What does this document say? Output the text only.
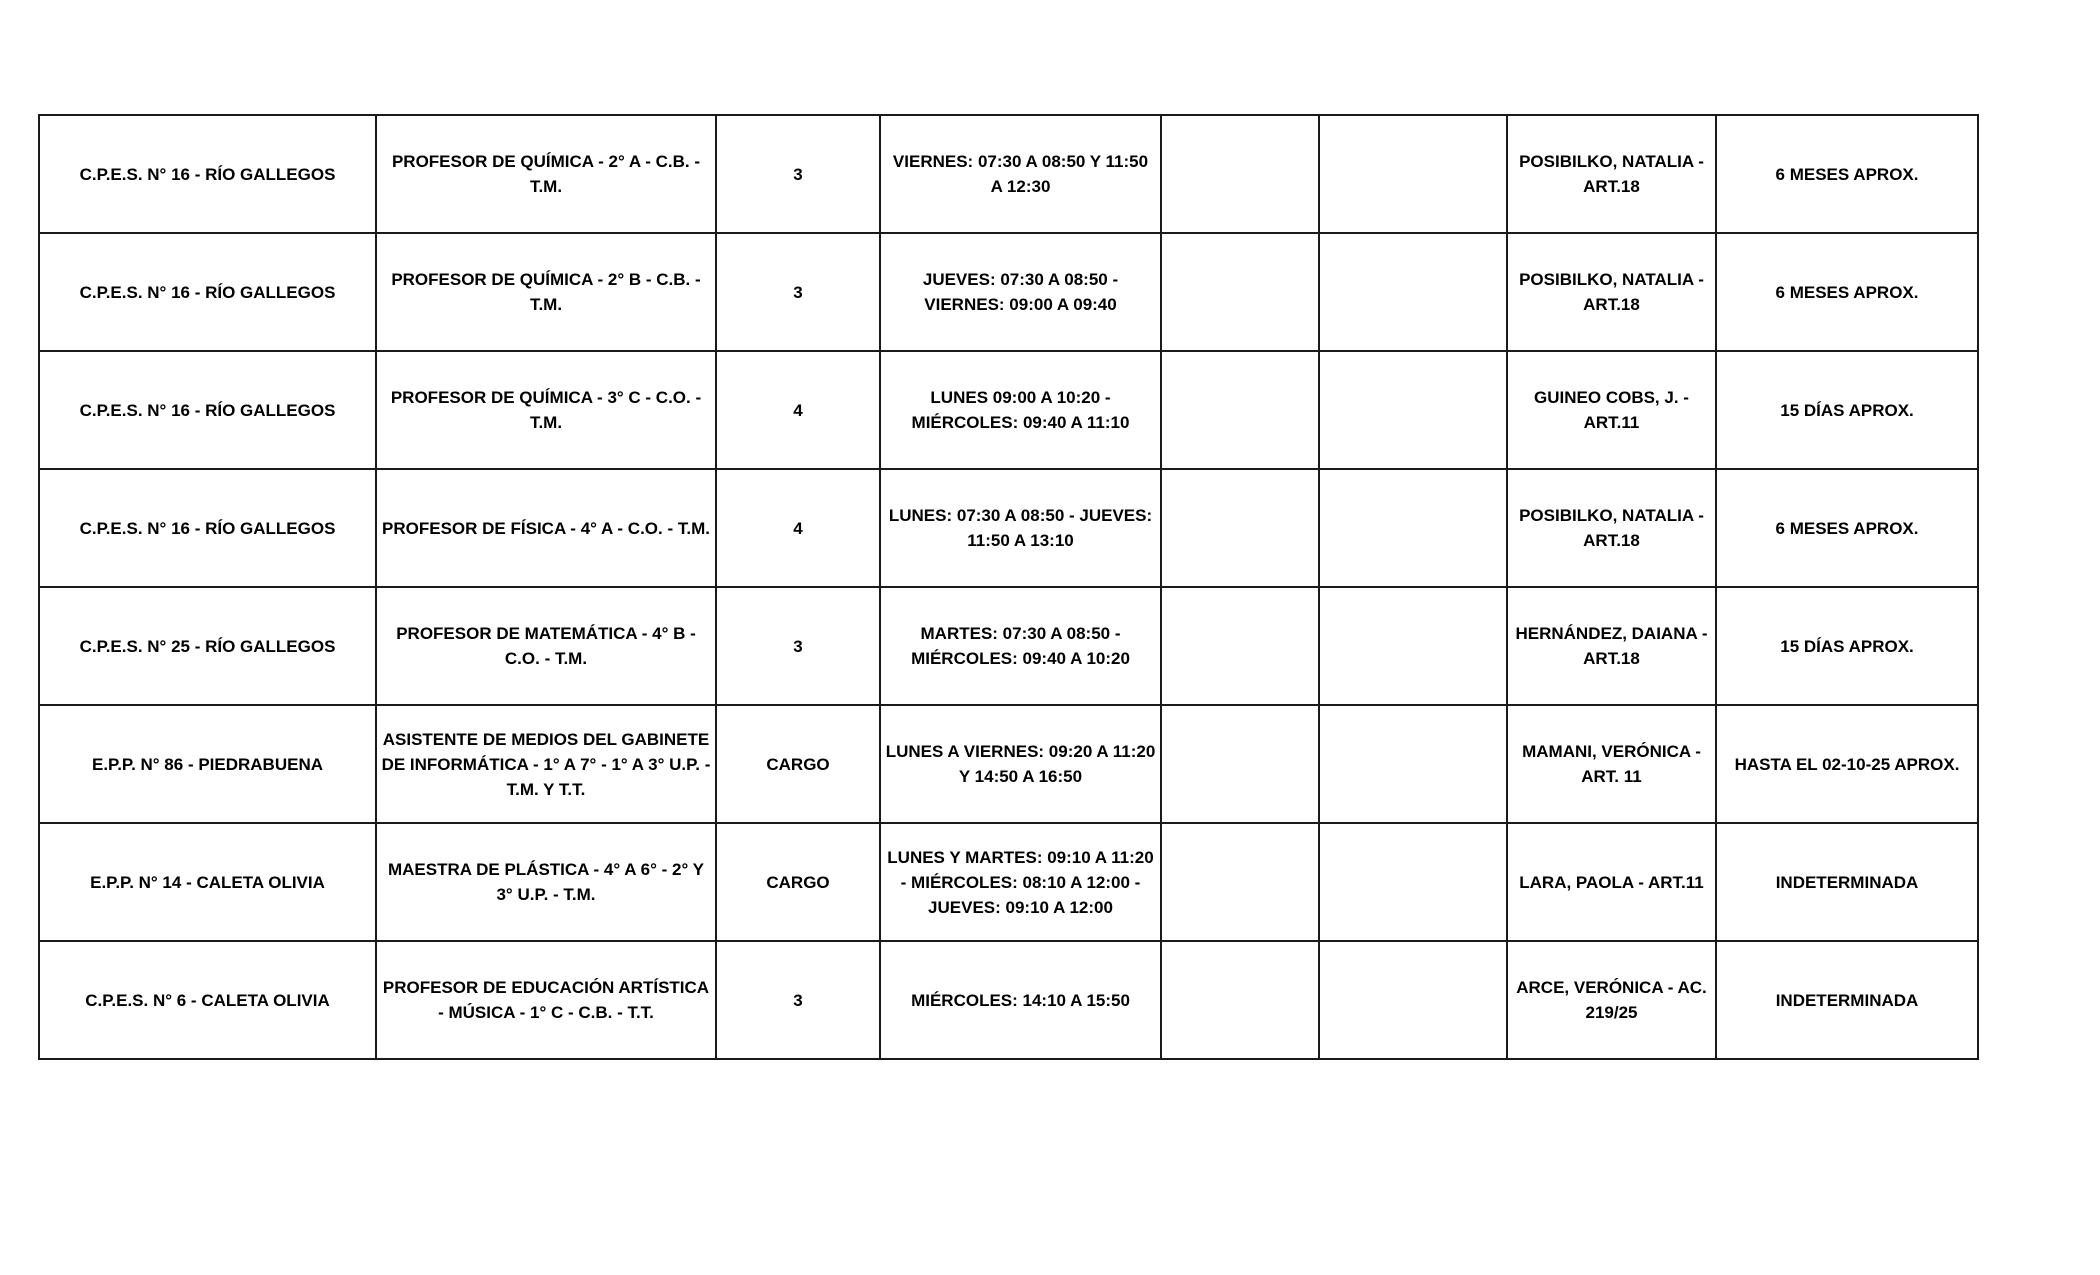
C.P.E.S. N° 16 - RÍO GALLEGOS	PROFESOR DE QUÍMICA - 2° A - C.B. - T.M.	3	VIERNES: 07:30 A 08:50 Y 11:50 A 12:30			POSIBILKO, NATALIA - ART.18	6 MESES APROX.
C.P.E.S. N° 16 - RÍO GALLEGOS	PROFESOR DE QUÍMICA - 2° B - C.B. - T.M.	3	JUEVES: 07:30 A 08:50 - VIERNES: 09:00 A 09:40			POSIBILKO, NATALIA - ART.18	6 MESES APROX.
C.P.E.S. N° 16 - RÍO GALLEGOS	PROFESOR DE QUÍMICA - 3° C - C.O. - T.M.	4	LUNES 09:00 A 10:20 - MIÉRCOLES: 09:40 A 11:10			GUINEO COBS, J. - ART.11	15 DÍAS APROX.
C.P.E.S. N° 16 - RÍO GALLEGOS	PROFESOR DE FÍSICA - 4° A - C.O. - T.M.	4	LUNES: 07:30 A 08:50 - JUEVES: 11:50 A 13:10			POSIBILKO, NATALIA - ART.18	6 MESES APROX.
C.P.E.S. N° 25 - RÍO GALLEGOS	PROFESOR DE MATEMÁTICA - 4° B - C.O. - T.M.	3	MARTES: 07:30 A 08:50 - MIÉRCOLES: 09:40 A 10:20			HERNÁNDEZ, DAIANA - ART.18	15 DÍAS APROX.
E.P.P. N° 86 - PIEDRABUENA	ASISTENTE DE MEDIOS DEL GABINETE DE INFORMÁTICA - 1° A 7° - 1° A 3° U.P. - T.M. Y T.T.	CARGO	LUNES A VIERNES: 09:20 A 11:20 Y 14:50 A 16:50			MAMANI, VERÓNICA - ART. 11	HASTA EL 02-10-25 APROX.
E.P.P. N° 14 - CALETA OLIVIA	MAESTRA DE PLÁSTICA - 4° A 6° - 2° Y 3° U.P. - T.M.	CARGO	LUNES Y MARTES: 09:10 A 11:20 - MIÉRCOLES: 08:10 A 12:00 - JUEVES: 09:10 A 12:00			LARA, PAOLA - ART.11	INDETERMINADA
C.P.E.S. N° 6 - CALETA OLIVIA	PROFESOR DE EDUCACIÓN ARTÍSTICA - MÚSICA - 1° C - C.B. - T.T.	3	MIÉRCOLES: 14:10 A 15:50			ARCE, VERÓNICA - AC. 219/25	INDETERMINADA
